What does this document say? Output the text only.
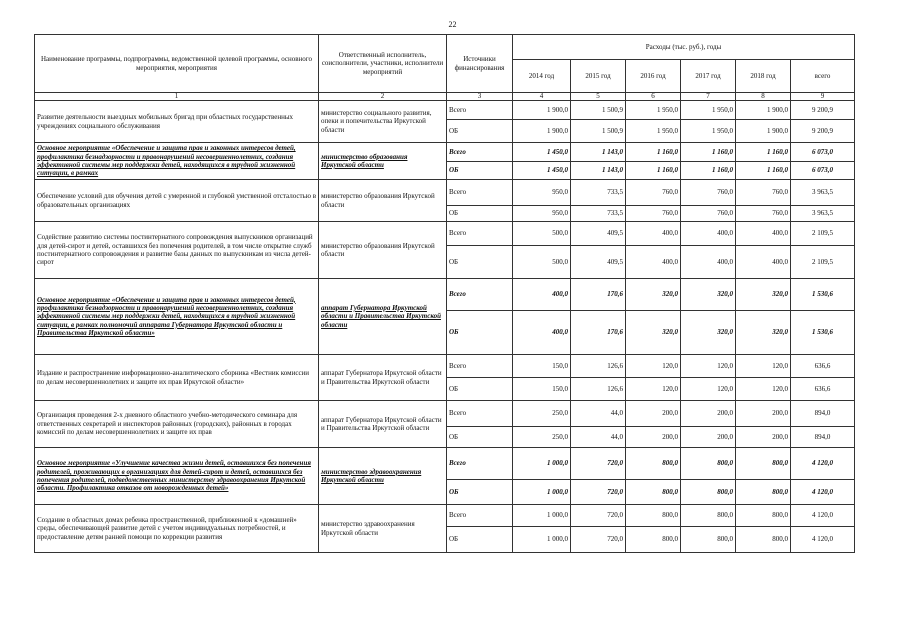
22
Наименование программы, подпрограммы, ведомственной целевой программы, основного мероприятия, мероприятия	Ответственный исполнитель, соисполнители, участники, исполнители мероприятий	Источники финансирования	Расходы (тыс. руб.), годы					
			2014 год	2015 год	2016 год	2017 год	2018 год	всего
1	2	3	4	5	6	7	8	9
Развитие деятельности выездных мобильных бригад при областных государственных учреждениях социального обслуживания	министерство социального развития, опеки и попечительства Иркутской области	Всего	1 900,0	1 500,9	1 950,0	1 950,0	1 900,0	9 200,9
		ОБ	1 900,0	1 500,9	1 950,0	1 950,0	1 900,0	9 200,9
Основное мероприятие «Обеспечение и защита прав и законных интересов детей, профилактика безнадзорности и правонарушений несовершеннолетних, создания эффективной системы мер поддержки детей, находящихся в трудной жизненной ситуации, в рамках	министерство образования Иркутской области	Всего	1 450,0	1 143,0	1 160,0	1 160,0	1 160,0	6 073,0
		ОБ	1 450,0	1 143,0	1 160,0	1 160,0	1 160,0	6 073,0
Обеспечение условий для обучения детей с умеренной и глубокой умственной отсталостью в образовательных организациях	министерство образования Иркутской области	Всего	950,0	733,5	760,0	760,0	760,0	3 963,5
		ОБ	950,0	733,5	760,0	760,0	760,0	3 963,5
Содействие развитию системы постинтернатного сопровождения выпускников организаций для детей-сирот и детей, оставшихся без попечения родителей, в том числе открытие служб постинтернатного сопровождения и развитие базы данных по выпускникам из числа детей-сирот	министерство образования Иркутской области	Всего	500,0	409,5	400,0	400,0	400,0	2 109,5
		ОБ	500,0	409,5	400,0	400,0	400,0	2 109,5
Основное мероприятие «Обеспечение и защита прав и законных интересов детей, профилактика безнадзорности и правонарушений несовершеннолетних, создания эффективной системы мер поддержки детей, находящихся в трудной жизненной ситуации, в рамках полномочий аппарата Губернатора Иркутской области и Правительства Иркутской области»	аппарат Губернатора Иркутской области и Правительства Иркутской области	Всего	400,0	170,6	320,0	320,0	320,0	1 530,6
		ОБ	400,0	170,6	320,0	320,0	320,0	1 530,6
Издание и распространение информационно-аналитического сборника «Вестник комиссии по делам несовершеннолетних и защите их прав Иркутской области»	аппарат Губернатора Иркутской области и Правительства Иркутской области	Всего	150,0	126,6	120,0	120,0	120,0	636,6
		ОБ	150,0	126,6	120,0	120,0	120,0	636,6
Организация проведения 2-х дневного областного учебно-методического семинара для ответственных секретарей и инспекторов районных (городских), районных в городах комиссий по делам несовершеннолетних и защите их прав	аппарат Губернатора Иркутской области и Правительства Иркутской области	Всего	250,0	44,0	200,0	200,0	200,0	894,0
		ОБ	250,0	44,0	200,0	200,0	200,0	894,0
Основное мероприятие «Улучшение качества жизни детей, оставшихся без попечения родителей, проживающих в организациях для детей-сирот и детей, оставшихся без попечения родителей, подведомственных министерству здравоохранения Иркутской области. Профилактика отказов от новорожденных детей»	министерство здравоохранения Иркутской области	Всего	1 000,0	720,0	800,0	800,0	800,0	4 120,0
		ОБ	1 000,0	720,0	800,0	800,0	800,0	4 120,0
Создание в областных домах ребенка пространственной, приближенной к «домашней» среды, обеспечивающей развитие детей с учетом индивидуальных потребностей, и предоставление детям ранней помощи по коррекции развития	министерство здравоохранения Иркутской области	Всего	1 000,0	720,0	800,0	800,0	800,0	4 120,0
		ОБ	1 000,0	720,0	800,0	800,0	800,0	4 120,0
